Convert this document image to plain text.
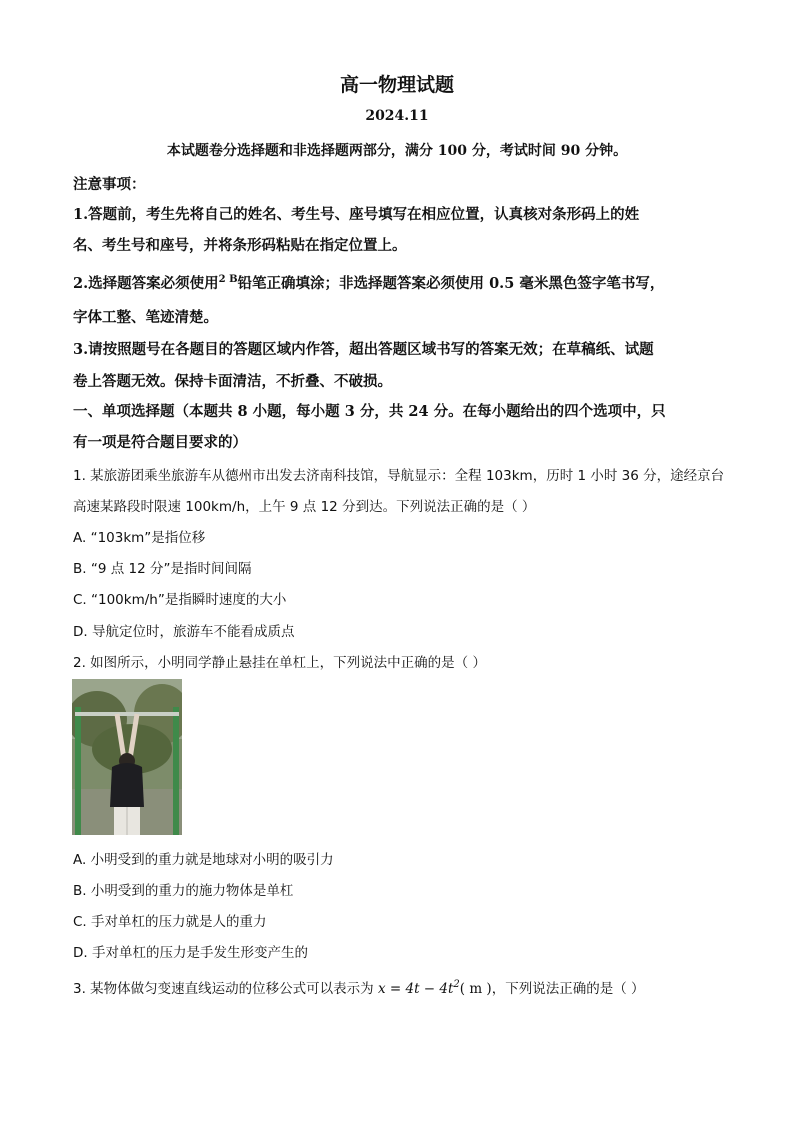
高一物理试题
2024.11
本试题卷分选择题和非选择题两部分，满分 100 分，考试时间 90 分钟。
注意事项：
1.答题前，考生先将自己的姓名、考生号、座号填写在相应位置，认真核对条形码上的姓
名、考生号和座号，并将条形码粘贴在指定位置上。
2.选择题答案必须使用$^{2 B}$铅笔正确填涂；非选择题答案必须使用 0.5 毫米黑色签字笔书写，
字体工整、笔迹清楚。
3.请按照题号在各题目的答题区域内作答，超出答题区域书写的答案无效；在草稿纸、试题
卷上答题无效。保持卡面清洁，不折叠、不破损。
一、单项选择题（本题共 8 小题，每小题 3 分，共 24 分。在每小题给出的四个选项中，只
有一项是符合题目要求的）
1. 某旅游团乘坐旅游车从德州市出发去济南科技馆，导航显示：全程 103km，历时 1 小时 36 分，途经京台
高速某路段时限速 100km/h，上午 9 点 12 分到达。下列说法正确的是（ ）
A. “103km”是指位移
B. “9 点 12 分”是指时间间隔
C. “100km/h”是指瞬时速度的大小
D. 导航定位时，旅游车不能看成质点
2. 如图所示，小明同学静止悬挂在单杠上，下列说法中正确的是（ ）
A. 小明受到的重力就是地球对小明的吸引力
B. 小明受到的重力的施力物体是单杠
C. 手对单杠的压力就是人的重力
D. 手对单杠的压力是手发生形变产生的
3. 某物体做匀变速直线运动的位移公式可以表示为 $x = 4t - 4t^2$( m )，下列说法正确的是（ ）
